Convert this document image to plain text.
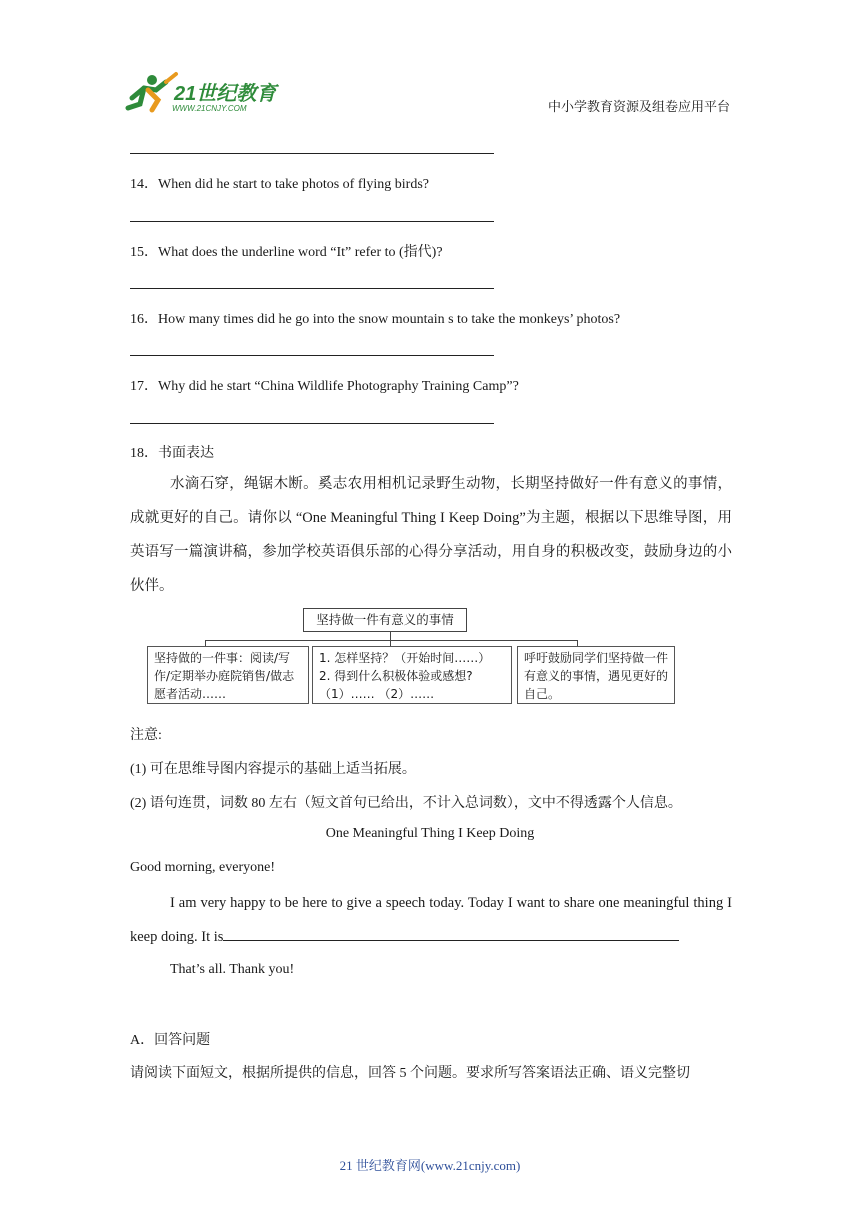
21世纪教育
WWW.21CNJY.COM	中小学教育资源及组卷应用平台
14．When did he start to take photos of flying birds?
15．What does the underline word “It” refer to (指代)?
16．How many times did he go into the snow mountain s to take the monkeys’ photos?
17．Why did he start “China Wildlife Photography Training Camp”?
18．书面表达
水滴石穿，绳锯木断。奚志农用相机记录野生动物，长期坚持做好一件有意义的事情，成就更好的自己。请你以 “One Meaningful Thing I Keep Doing”为主题，根据以下思维导图，用英语写一篇演讲稿，参加学校英语俱乐部的心得分享活动，用自身的积极改变，鼓励身边的小伙伴。
坚持做一件有意义的事情
坚持做的一件事：阅读/写作/定期举办庭院销售/做志愿者活动……
1. 怎样坚持？（开始时间……）
2. 得到什么积极体验或感想?
（1）…… （2）……
呼吁鼓励同学们坚持做一件有意义的事情，遇见更好的自己。
注意:
(1) 可在思维导图内容提示的基础上适当拓展。
(2) 语句连贯，词数 80 左右（短文首句已给出，不计入总词数），文中不得透露个人信息。
One Meaningful Thing I Keep Doing
Good morning, everyone!
I am very happy to be here to give a speech today. Today I want to share one meaningful thing I keep doing. It is
That’s all. Thank you!
A．回答问题
请阅读下面短文，根据所提供的信息，回答 5 个问题。要求所写答案语法正确、语义完整切
21 世纪教育网(www.21cnjy.com)
